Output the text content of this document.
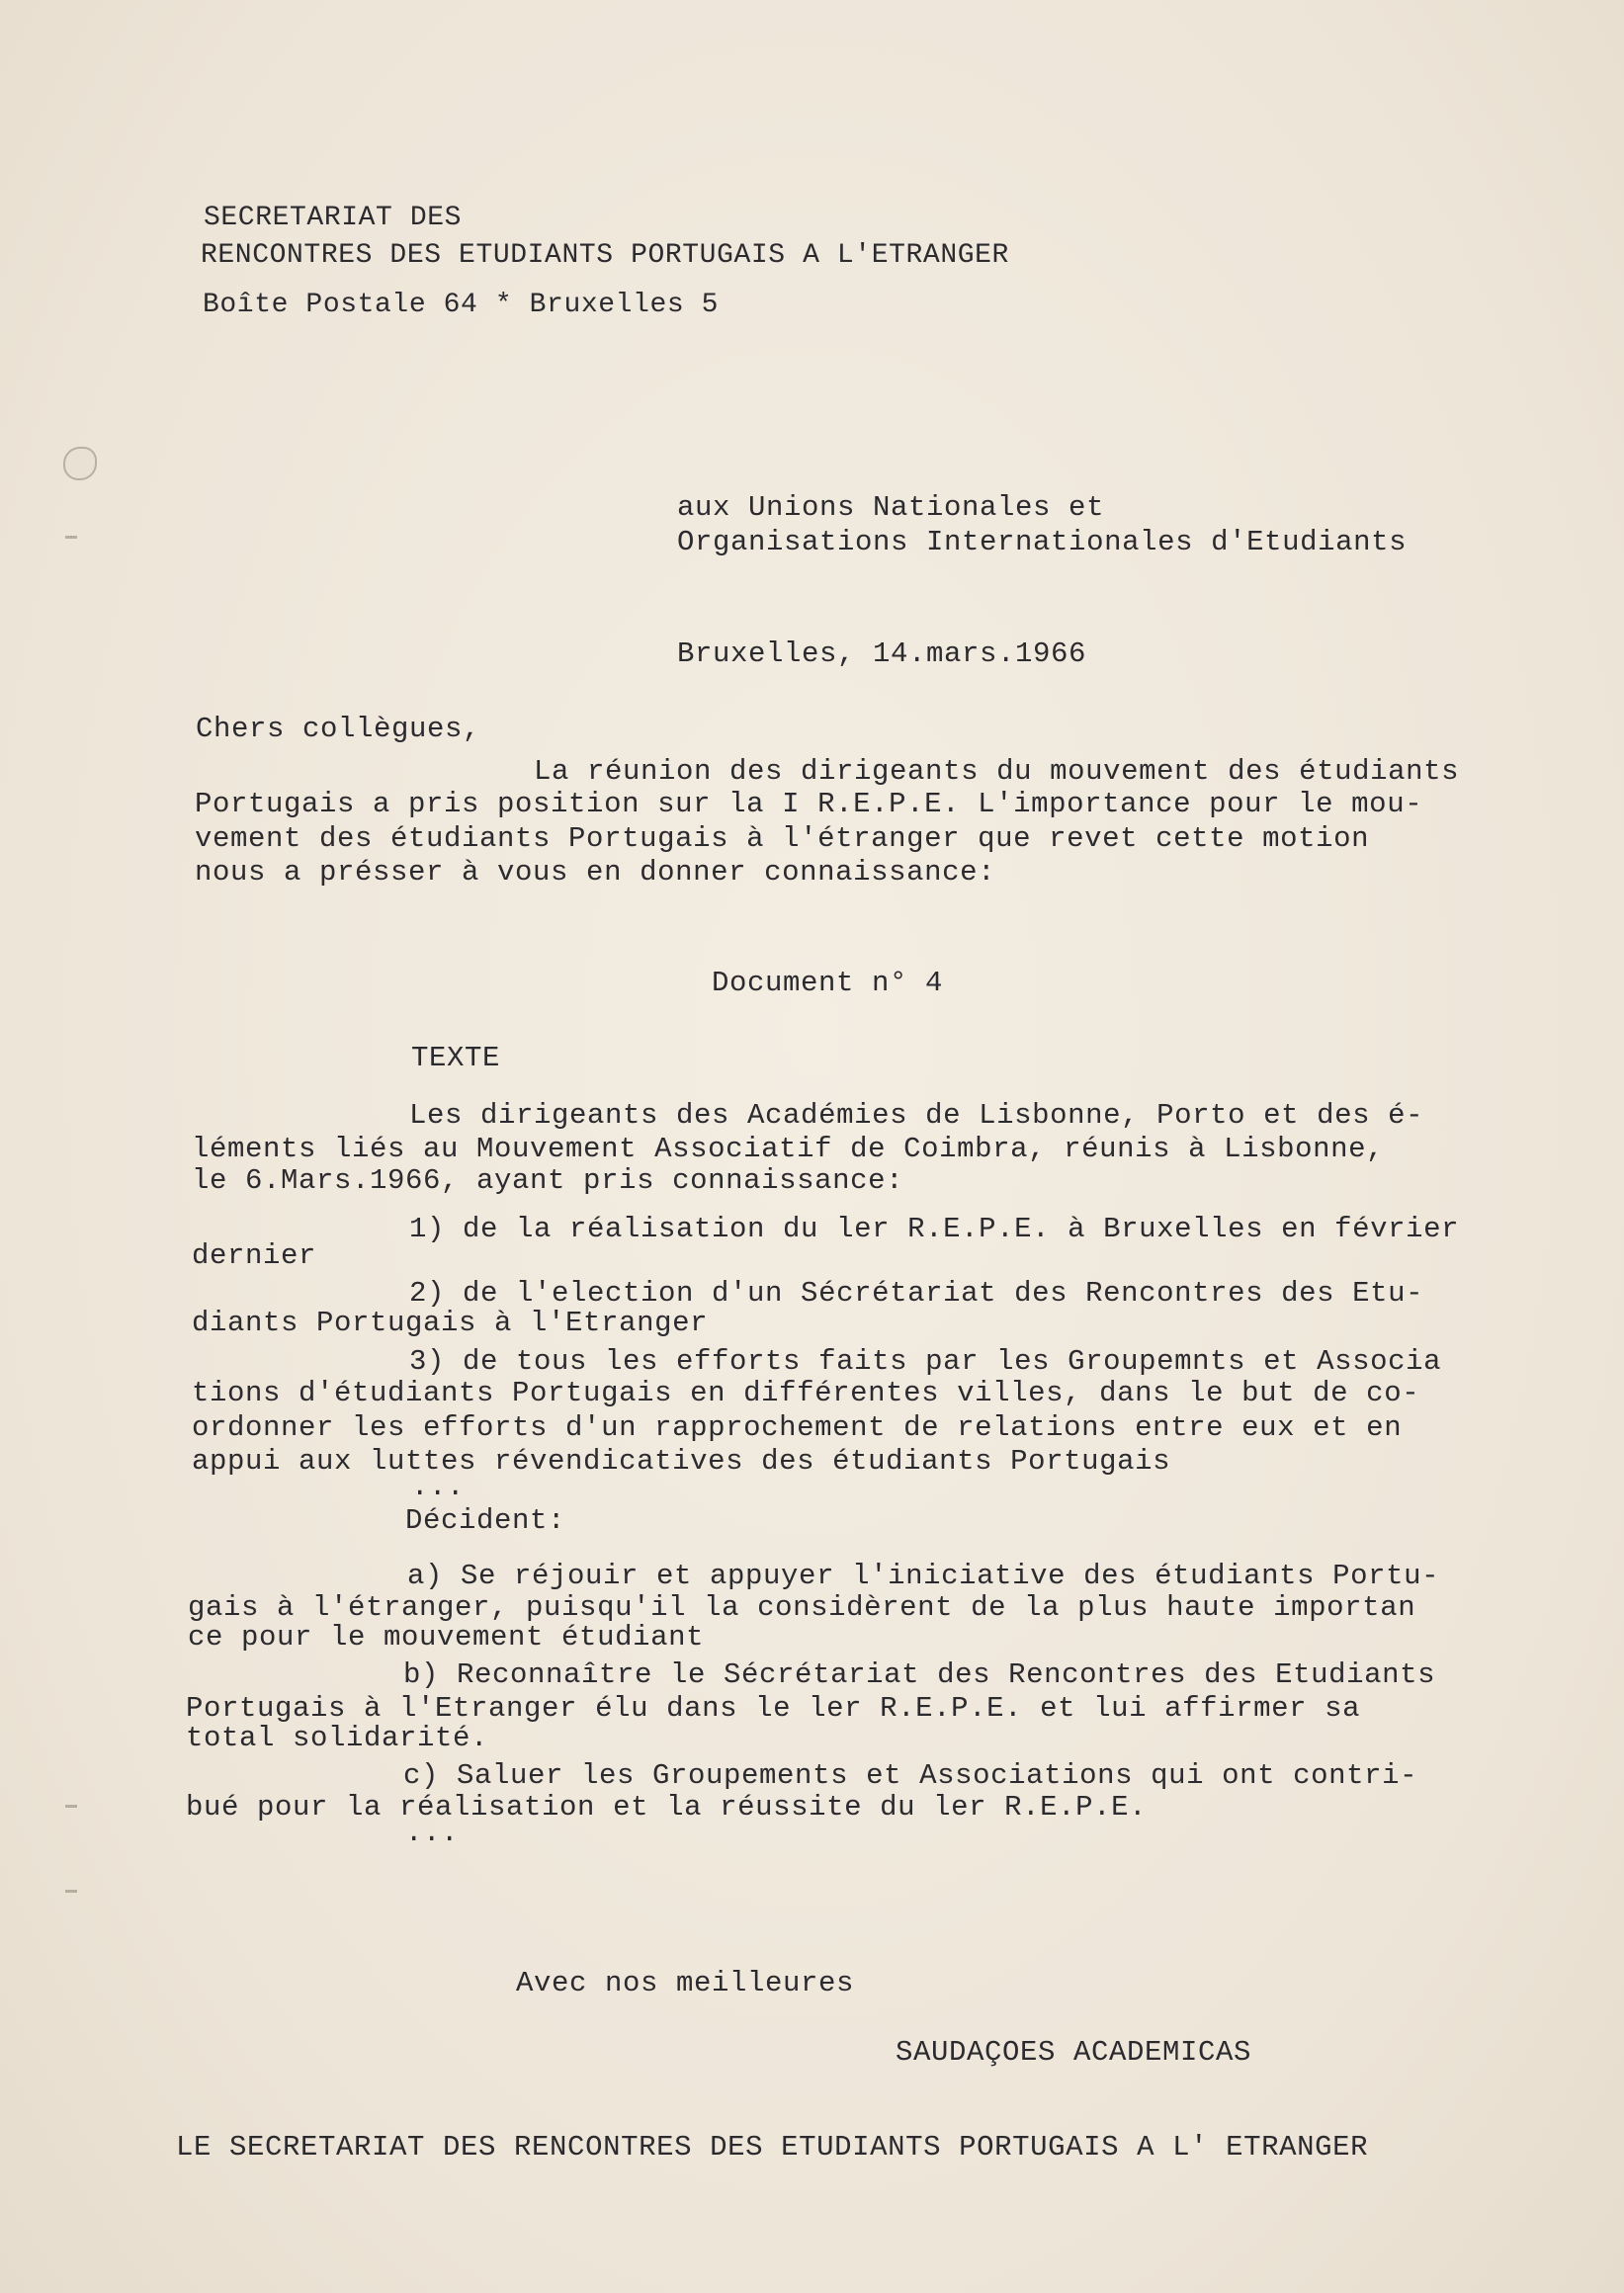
SECRETARIAT DES
RENCONTRES DES ETUDIANTS PORTUGAIS A L'ETRANGER
Boîte Postale 64 * Bruxelles 5
aux Unions Nationales et
Organisations Internationales d'Etudiants
Bruxelles, 14.mars.1966
Chers collègues,
La réunion des dirigeants du mouvement des étudiants
Portugais a pris position sur la I R.E.P.E. L'importance pour le mou-
vement des étudiants Portugais à l'étranger que revet cette motion
nous a présser à vous en donner connaissance:
Document n° 4
TEXTE
Les dirigeants des Académies de Lisbonne, Porto et des é-
léments liés au Mouvement Associatif de Coimbra, réunis à Lisbonne,
le 6.Mars.1966, ayant pris connaissance:
1) de la réalisation du ler R.E.P.E. à Bruxelles en février
dernier
2) de l'election d'un Sécrétariat des Rencontres des Etu-
diants Portugais à l'Etranger
3) de tous les efforts faits par les Groupemnts et Associa
tions d'étudiants Portugais en différentes villes, dans le but de co-
ordonner les efforts d'un rapprochement de relations entre eux et en
appui aux luttes révendicatives des étudiants Portugais
...
Décident:
a) Se réjouir et appuyer l'iniciative des étudiants Portu-
gais à l'étranger, puisqu'il la considèrent de la plus haute importan
ce pour le mouvement étudiant
b) Reconnaître le Sécrétariat des Rencontres des Etudiants
Portugais à l'Etranger élu dans le ler R.E.P.E. et lui affirmer sa
total solidarité.
c) Saluer les Groupements et Associations qui ont contri-
bué pour la réalisation et la réussite du ler R.E.P.E.
...
Avec nos meilleures
SAUDAÇOES ACADEMICAS
LE SECRETARIAT DES RENCONTRES DES ETUDIANTS PORTUGAIS A L' ETRANGER
